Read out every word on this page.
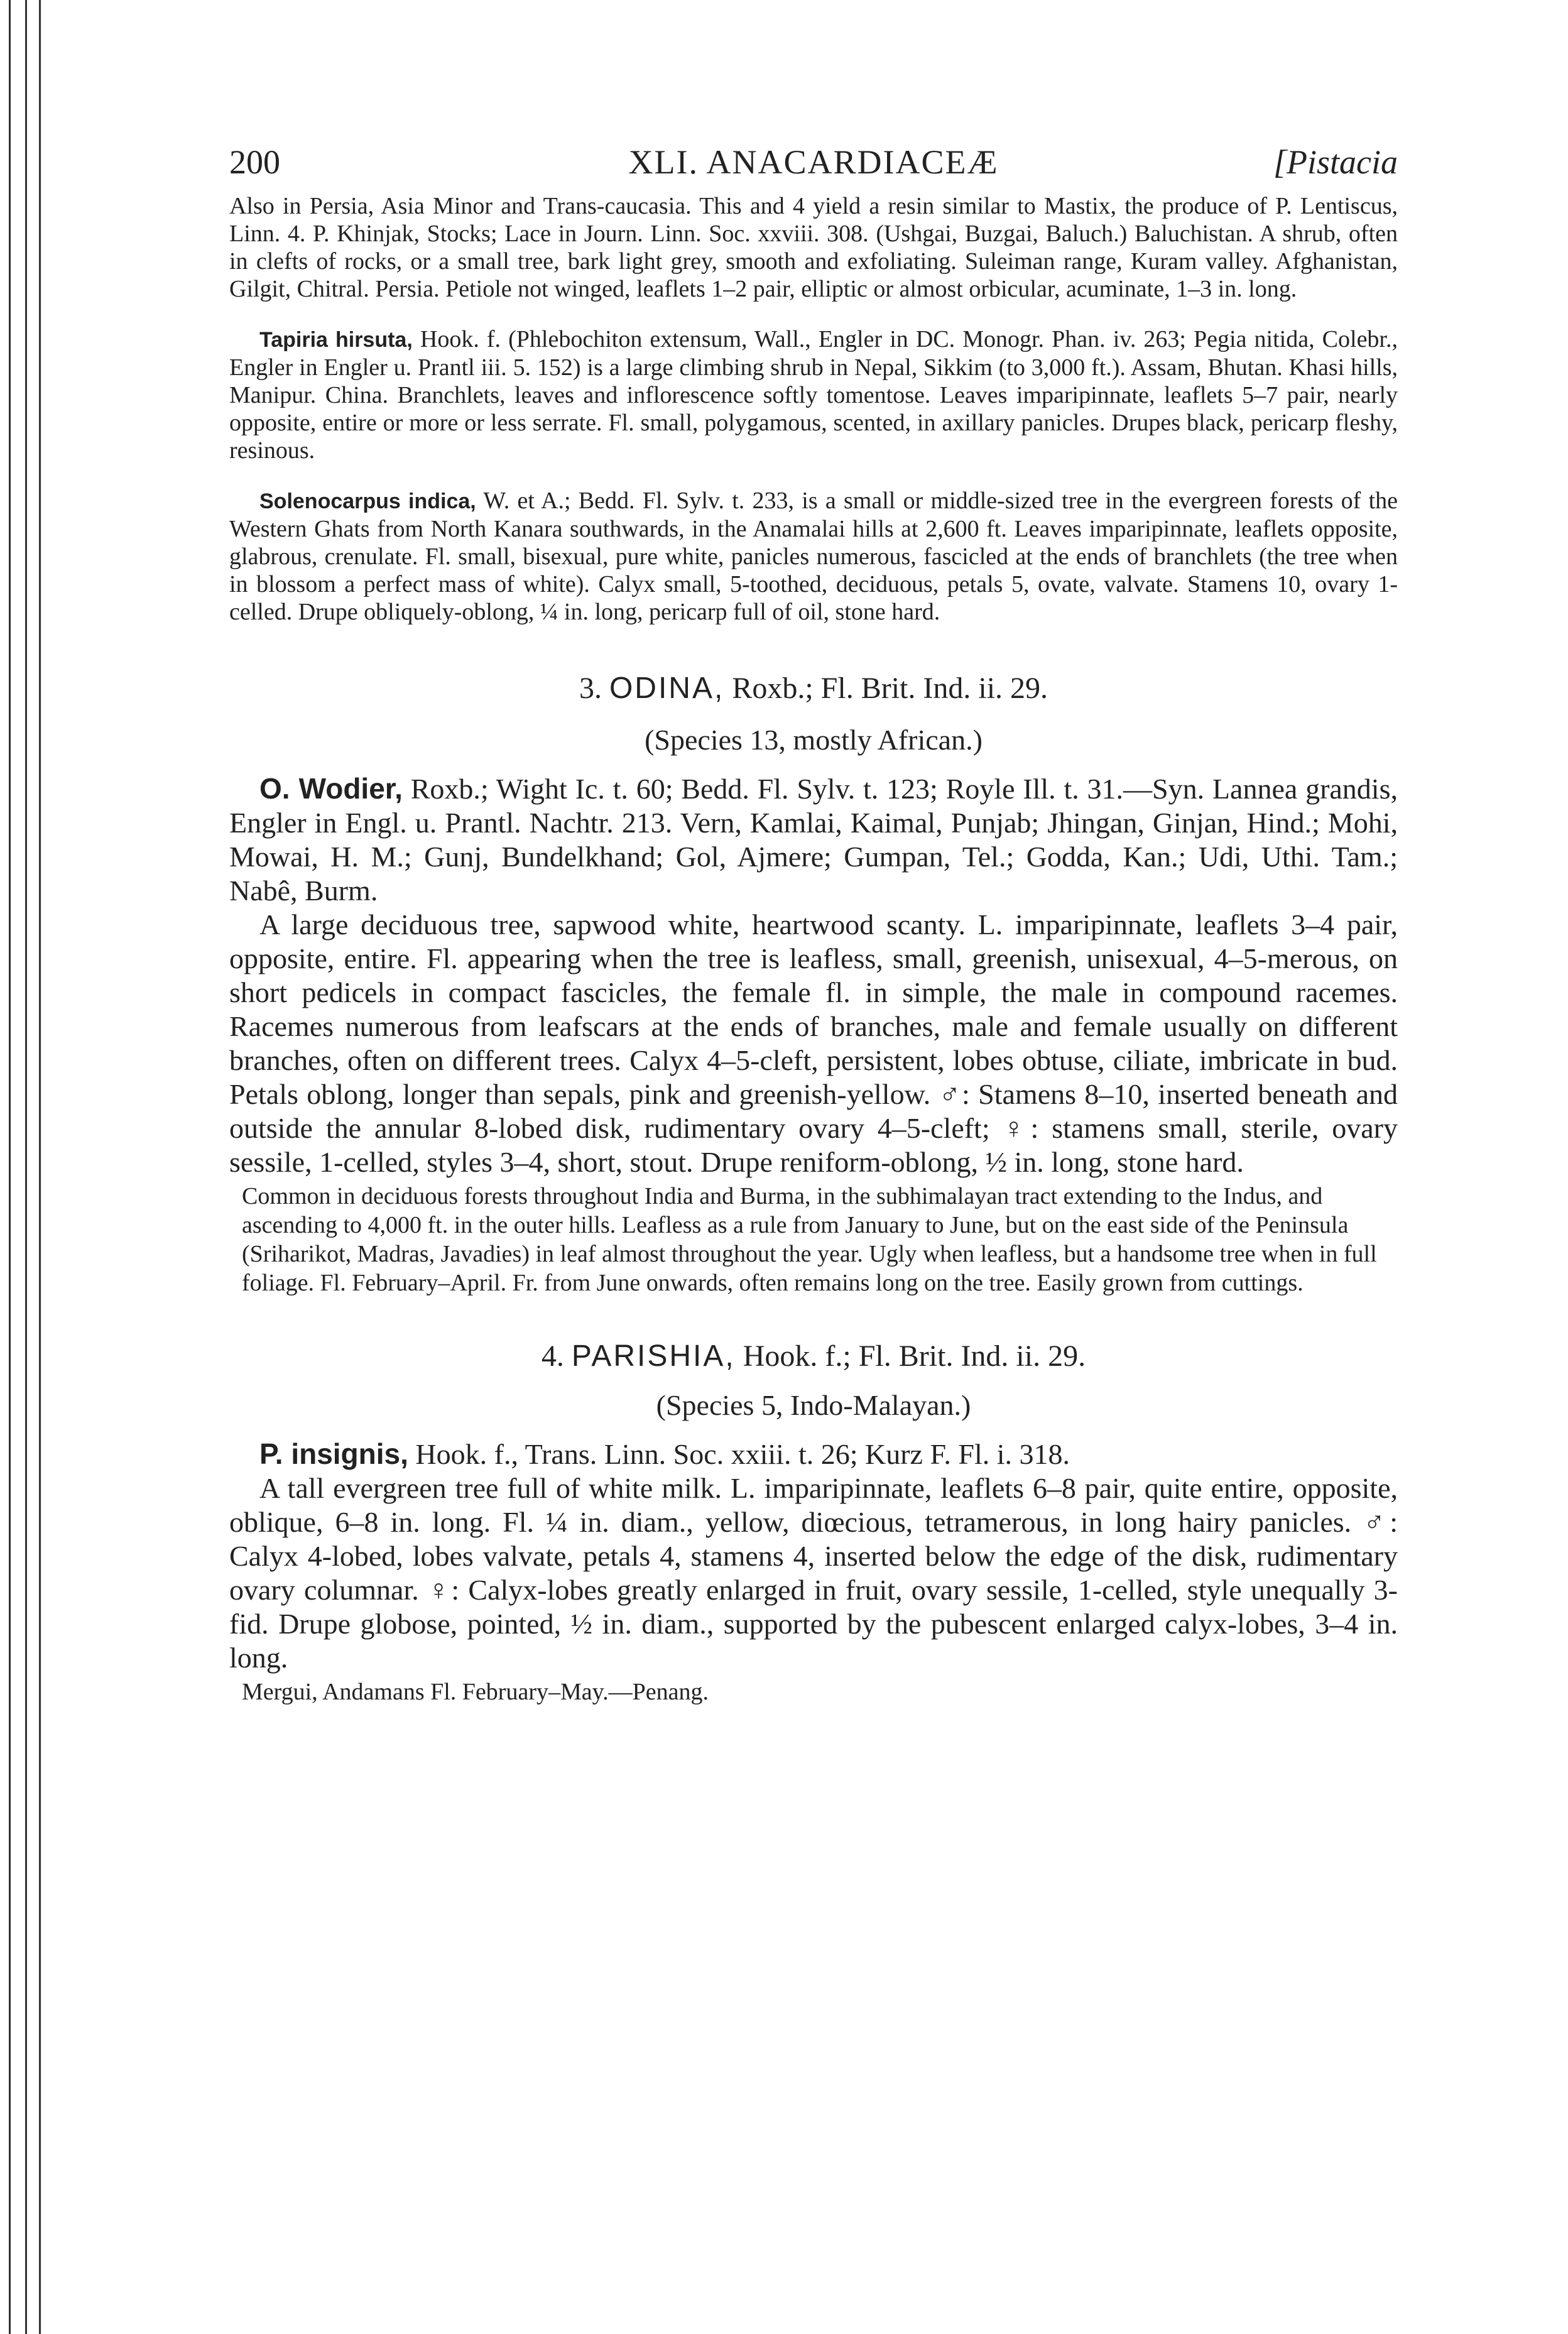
200	XLI. ANACARDIACEÆ	[Pistacia

Also in Persia, Asia Minor and Trans-caucasia. This and 4 yield a resin similar to Mastix, the produce of P. Lentiscus, Linn. 4. P. Khinjak, Stocks; Lace in Journ. Linn. Soc. xxviii. 308. (Ushgai, Buzgai, Baluch.) Baluchistan. A shrub, often in clefts of rocks, or a small tree, bark light grey, smooth and exfoliating. Suleiman range, Kuram valley. Afghanistan, Gilgit, Chitral. Persia. Petiole not winged, leaflets 1–2 pair, elliptic or almost orbicular, acuminate, 1–3 in. long.

Tapiria hirsuta, Hook. f. (Phlebochiton extensum, Wall., Engler in DC. Monogr. Phan. iv. 263; Pegia nitida, Colebr., Engler in Engler u. Prantl iii. 5. 152) is a large climbing shrub in Nepal, Sikkim (to 3,000 ft.). Assam, Bhutan. Khasi hills, Manipur. China. Branchlets, leaves and inflorescence softly tomentose. Leaves imparipinnate, leaflets 5–7 pair, nearly opposite, entire or more or less serrate. Fl. small, polygamous, scented, in axillary panicles. Drupes black, pericarp fleshy, resinous.

Solenocarpus indica, W. et A.; Bedd. Fl. Sylv. t. 233, is a small or middle-sized tree in the evergreen forests of the Western Ghats from North Kanara southwards, in the Anamalai hills at 2,600 ft. Leaves imparipinnate, leaflets opposite, glabrous, crenulate. Fl. small, bisexual, pure white, panicles numerous, fascicled at the ends of branchlets (the tree when in blossom a perfect mass of white). Calyx small, 5-toothed, deciduous, petals 5, ovate, valvate. Stamens 10, ovary 1-celled. Drupe obliquely-oblong, ¼ in. long, pericarp full of oil, stone hard.

3. ODINA, Roxb.; Fl. Brit. Ind. ii. 29.

(Species 13, mostly African.)

O. Wodier, Roxb.; Wight Ic. t. 60; Bedd. Fl. Sylv. t. 123; Royle Ill. t. 31.—Syn. Lannea grandis, Engler in Engl. u. Prantl. Nachtr. 213. Vern, Kamlai, Kaimal, Punjab; Jhingan, Ginjan, Hind.; Mohi, Mowai, H. M.; Gunj, Bundelkhand; Gol, Ajmere; Gumpan, Tel.; Godda, Kan.; Udi, Uthi. Tam.; Nabê, Burm.

A large deciduous tree, sapwood white, heartwood scanty. L. imparipinnate, leaflets 3–4 pair, opposite, entire. Fl. appearing when the tree is leafless, small, greenish, unisexual, 4–5-merous, on short pedicels in compact fascicles, the female fl. in simple, the male in compound racemes. Racemes numerous from leafscars at the ends of branches, male and female usually on different branches, often on different trees. Calyx 4–5-cleft, persistent, lobes obtuse, ciliate, imbricate in bud. Petals oblong, longer than sepals, pink and greenish-yellow. ♂: Stamens 8–10, inserted beneath and outside the annular 8-lobed disk, rudimentary ovary 4–5-cleft; ♀: stamens small, sterile, ovary sessile, 1-celled, styles 3–4, short, stout. Drupe reniform-oblong, ½ in. long, stone hard.

Common in deciduous forests throughout India and Burma, in the subhimalayan tract extending to the Indus, and ascending to 4,000 ft. in the outer hills. Leafless as a rule from January to June, but on the east side of the Peninsula (Sriharikot, Madras, Javadies) in leaf almost throughout the year. Ugly when leafless, but a handsome tree when in full foliage. Fl. February–April. Fr. from June onwards, often remains long on the tree. Easily grown from cuttings.

4. PARISHIA, Hook. f.; Fl. Brit. Ind. ii. 29.

(Species 5, Indo-Malayan.)

P. insignis, Hook. f., Trans. Linn. Soc. xxiii. t. 26; Kurz F. Fl. i. 318.

A tall evergreen tree full of white milk. L. imparipinnate, leaflets 6–8 pair, quite entire, opposite, oblique, 6–8 in. long. Fl. ¼ in. diam., yellow, diœcious, tetramerous, in long hairy panicles. ♂: Calyx 4-lobed, lobes valvate, petals 4, stamens 4, inserted below the edge of the disk, rudimentary ovary columnar. ♀: Calyx-lobes greatly enlarged in fruit, ovary sessile, 1-celled, style unequally 3-fid. Drupe globose, pointed, ½ in. diam., supported by the pubescent enlarged calyx-lobes, 3–4 in. long.

Mergui, Andamans Fl. February–May.—Penang.
